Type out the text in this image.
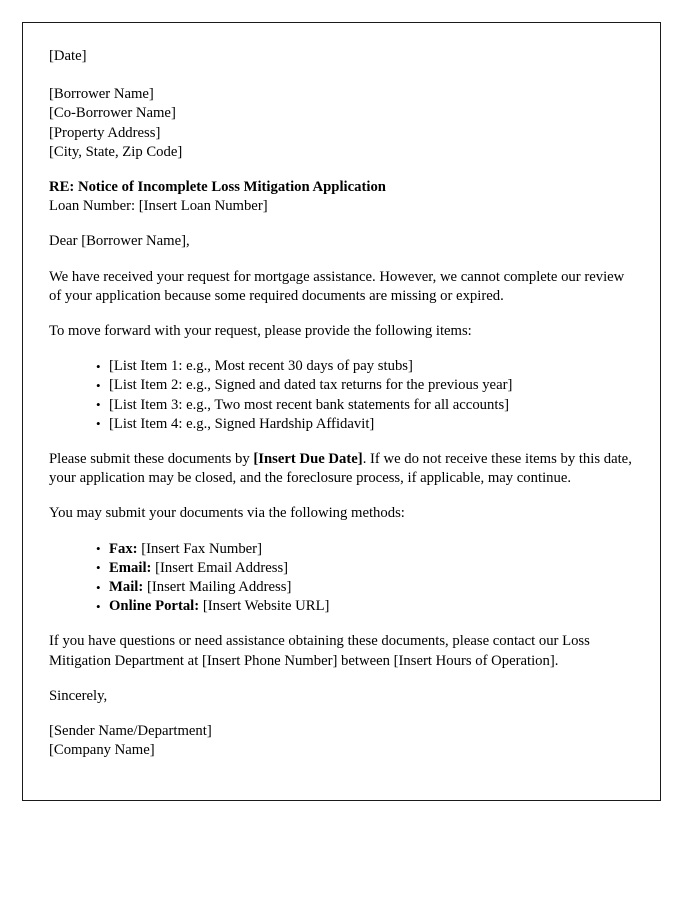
[Date]
[Borrower Name]
[Co-Borrower Name]
[Property Address]
[City, State, Zip Code]
RE: Notice of Incomplete Loss Mitigation Application
Loan Number: [Insert Loan Number]

Dear [Borrower Name],

We have received your request for mortgage assistance. However, we cannot complete our review of your application because some required documents are missing or expired.

To move forward with your request, please provide the following items:

• [List Item 1: e.g., Most recent 30 days of pay stubs]
• [List Item 2: e.g., Signed and dated tax returns for the previous year]
• [List Item 3: e.g., Two most recent bank statements for all accounts]
• [List Item 4: e.g., Signed Hardship Affidavit]

Please submit these documents by [Insert Due Date]. If we do not receive these items by this date, your application may be closed, and the foreclosure process, if applicable, may continue.

You may submit your documents via the following methods:

• Fax: [Insert Fax Number]
• Email: [Insert Email Address]
• Mail: [Insert Mailing Address]
• Online Portal: [Insert Website URL]

If you have questions or need assistance obtaining these documents, please contact our Loss Mitigation Department at [Insert Phone Number] between [Insert Hours of Operation].

Sincerely,

[Sender Name/Department]
[Company Name]
